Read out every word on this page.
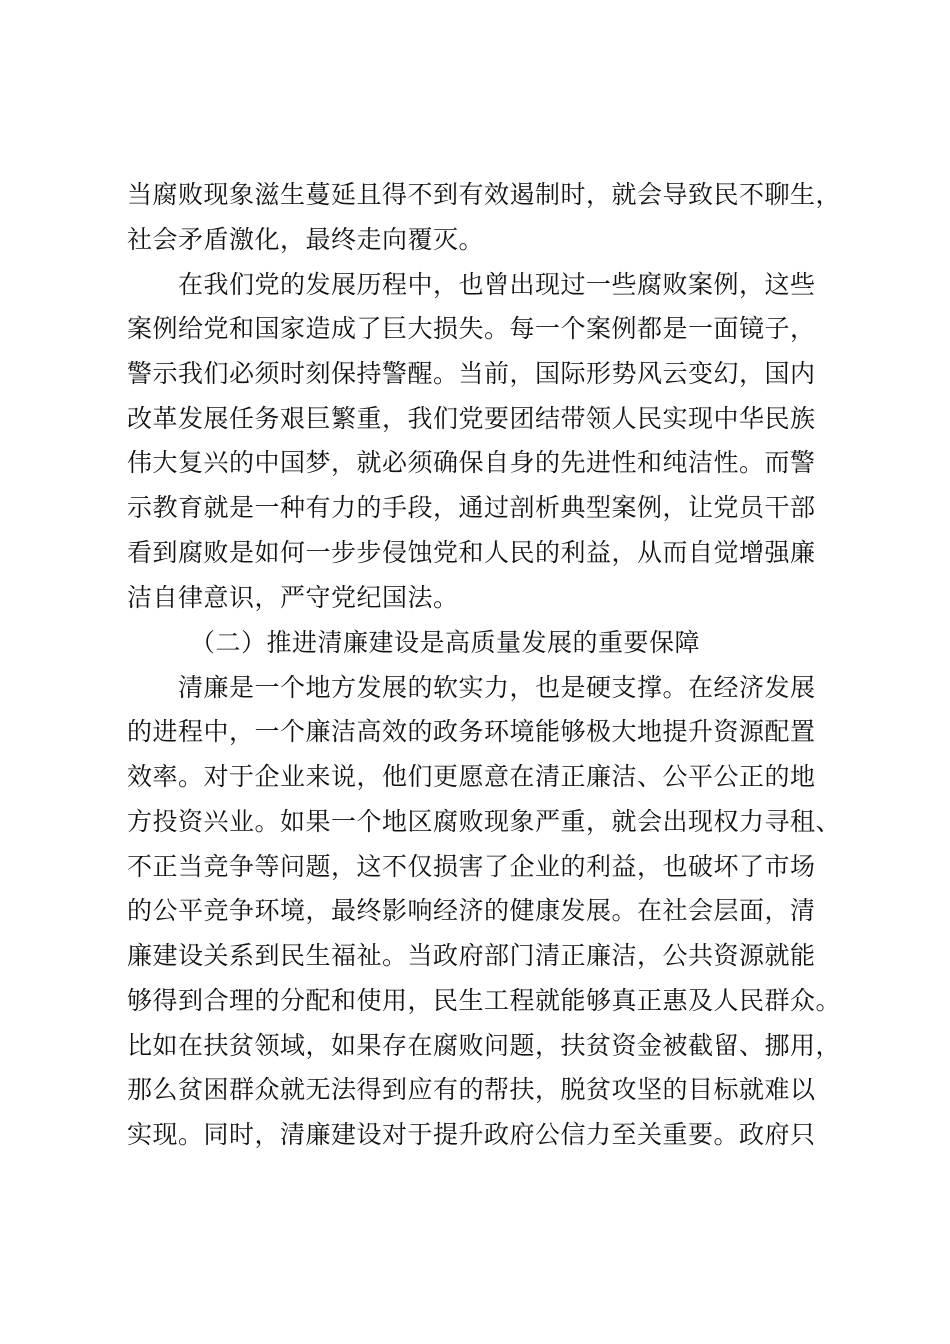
当腐败现象滋生蔓延且得不到有效遏制时，就会导致民不聊生，
社会矛盾激化，最终走向覆灭。
在我们党的发展历程中，也曾出现过一些腐败案例，这些
案例给党和国家造成了巨大损失。每一个案例都是一面镜子，
警示我们必须时刻保持警醒。当前，国际形势风云变幻，国内
改革发展任务艰巨繁重，我们党要团结带领人民实现中华民族
伟大复兴的中国梦，就必须确保自身的先进性和纯洁性。而警
示教育就是一种有力的手段，通过剖析典型案例，让党员干部
看到腐败是如何一步步侵蚀党和人民的利益，从而自觉增强廉
洁自律意识，严守党纪国法。
（二）推进清廉建设是高质量发展的重要保障
清廉是一个地方发展的软实力，也是硬支撑。在经济发展
的进程中，一个廉洁高效的政务环境能够极大地提升资源配置
效率。对于企业来说，他们更愿意在清正廉洁、公平公正的地
方投资兴业。如果一个地区腐败现象严重，就会出现权力寻租、
不正当竞争等问题，这不仅损害了企业的利益，也破坏了市场
的公平竞争环境，最终影响经济的健康发展。在社会层面，清
廉建设关系到民生福祉。当政府部门清正廉洁，公共资源就能
够得到合理的分配和使用，民生工程就能够真正惠及人民群众。
比如在扶贫领域，如果存在腐败问题，扶贫资金被截留、挪用，
那么贫困群众就无法得到应有的帮扶，脱贫攻坚的目标就难以
实现。同时，清廉建设对于提升政府公信力至关重要。政府只
